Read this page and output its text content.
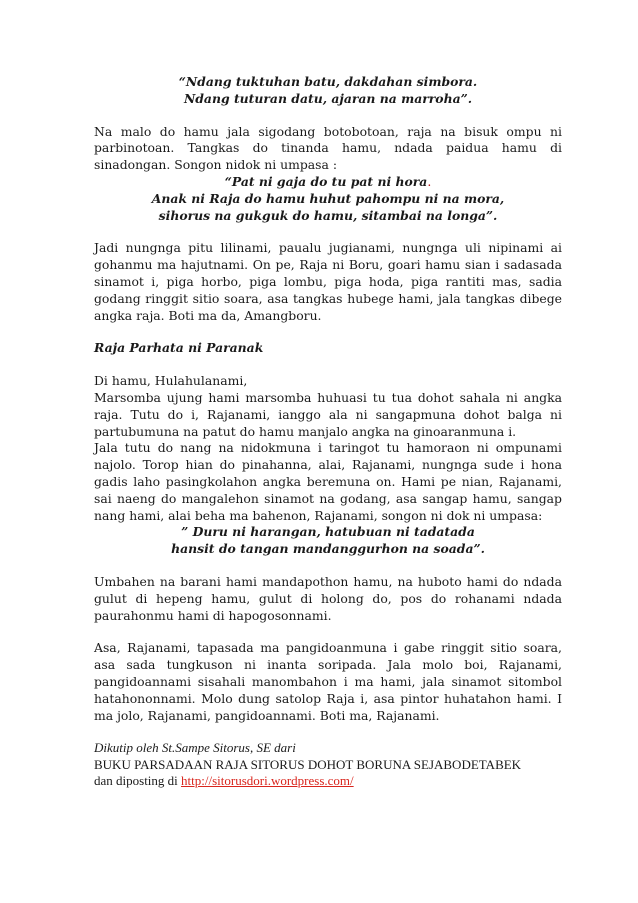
“Ndang tuktuhan batu, dakdahan simbora.
Ndang tuturan datu, ajaran na marroha”.

Na malo do hamu jala sigodang botobotoan, raja na bisuk ompu ni parbinotoan. Tangkas do tinanda hamu, ndada paidua hamu di sinadongan. Songon nidok ni umpasa :

“Pat ni gaja do tu pat ni hora.
Anak ni Raja do hamu huhut pahompu ni na mora,
sihorus na gukguk do hamu, sitambai na longa”.

Jadi nungnga pitu lilinami, paualu jugianami, nungnga uli nipinami ai gohanmu ma hajutnami. On pe, Raja ni Boru, goari hamu sian i sadasada sinamot i, piga horbo, piga lombu, piga hoda, piga rantiti mas, sadia godang ringgit sitio soara, asa tangkas hubege hami, jala tangkas dibege angka raja. Boti ma da, Amangboru.

Raja Parhata ni Paranak
Di hamu, Hulahulanami,

Marsomba ujung hami marsomba huhuasi tu tua dohot sahala ni angka raja. Tutu do i, Rajanami, ianggo ala ni sangapmuna dohot balga ni partubumuna na patut do hamu manjalo angka na ginoaranmuna i.

Jala tutu do nang na nidokmuna i taringot tu hamoraon ni ompunami najolo. Torop hian do pinahanna, alai, Rajanami, nungnga sude i hona gadis laho pasingkolahon angka beremuna on. Hami pe nian, Rajanami, sai naeng do mangalehon sinamot na godang, asa sangap hamu, sangap nang hami, alai beha ma bahenon, Rajanami, songon ni dok ni umpasa:

” Duru ni harangan, hatubuan ni tadatada
hansit do tangan mandanggurhon na soada”.

Umbahen na barani hami mandapothon hamu, na huboto hami do ndada gulut di hepeng hamu, gulut di holong do, pos do rohanami ndada paurahonmu hami di hapogosonnami.

Asa, Rajanami, tapasada ma pangidoanmuna i gabe ringgit sitio soara, asa sada tungkuson ni inanta soripada. Jala molo boi, Rajanami, pangidoannami sisahali manombahon i ma hami, jala sinamot sitombol hatahononnami. Molo dung satolop Raja i, asa pintor huhatahon hami. I ma jolo, Rajanami, pangidoannami. Boti ma, Rajanami.

Dikutip oleh St.Sampe Sitorus, SE dari
BUKU PARSADAAN RAJA SITORUS DOHOT BORUNA SEJABODETABEK
dan diposting di http://sitorusdori.wordpress.com/
